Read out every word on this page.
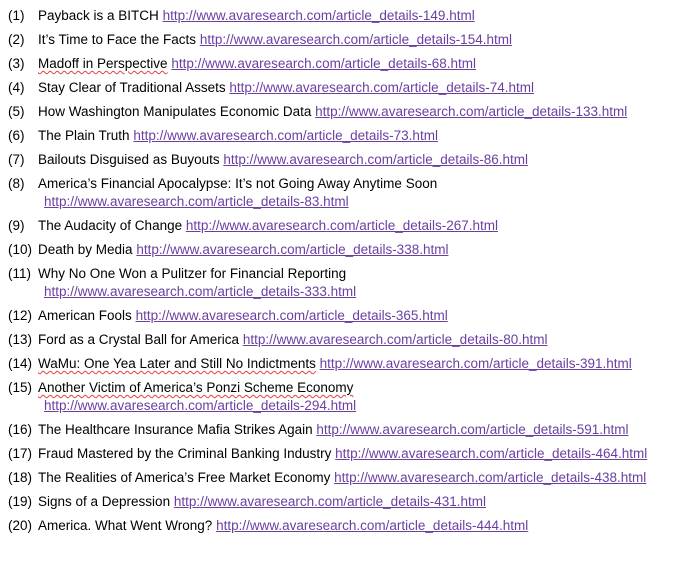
(1)	Payback is a BITCH http://www.avaresearch.com/article_details-149.html
(2)	It’s Time to Face the Facts http://www.avaresearch.com/article_details-154.html
(3)	Madoff in Perspective http://www.avaresearch.com/article_details-68.html
(4)	Stay Clear of Traditional Assets http://www.avaresearch.com/article_details-74.html
(5)	How Washington Manipulates Economic Data http://www.avaresearch.com/article_details-133.html
(6)	The Plain Truth http://www.avaresearch.com/article_details-73.html
(7)	Bailouts Disguised as Buyouts http://www.avaresearch.com/article_details-86.html
(8)	America’s Financial Apocalypse: It’s not Going Away Anytime Soon
http://www.avaresearch.com/article_details-83.html
(9)	The Audacity of Change http://www.avaresearch.com/article_details-267.html
(10) Death by Media http://www.avaresearch.com/article_details-338.html
(11) Why No One Won a Pulitzer for Financial Reporting
http://www.avaresearch.com/article_details-333.html
(12) American Fools http://www.avaresearch.com/article_details-365.html
(13) Ford as a Crystal Ball for America http://www.avaresearch.com/article_details-80.html
(14) WaMu: One Yea Later and Still No Indictments http://www.avaresearch.com/article_details-391.html
(15) Another Victim of America’s Ponzi Scheme Economy
http://www.avaresearch.com/article_details-294.html
(16) The Healthcare Insurance Mafia Strikes Again http://www.avaresearch.com/article_details-591.html
(17) Fraud Mastered by the Criminal Banking Industry http://www.avaresearch.com/article_details-464.html
(18) The Realities of America’s Free Market Economy http://www.avaresearch.com/article_details-438.html
(19) Signs of a Depression http://www.avaresearch.com/article_details-431.html
(20) America. What Went Wrong? http://www.avaresearch.com/article_details-444.html
